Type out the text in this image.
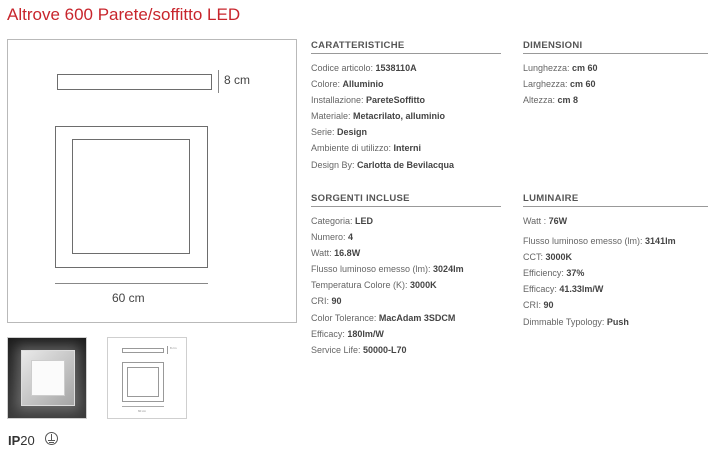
Altrove 600 Parete/soffitto LED
8 cm
60 cm
8 cm
60 cm
IP20
CARATTERISTICHE
Codice articolo: 1538110A
Colore: Alluminio
Installazione: PareteSoffitto
Materiale: Metacrilato, alluminio
Serie: Design
Ambiente di utilizzo: Interni
Design By: Carlotta de Bevilacqua
DIMENSIONI
Lunghezza: cm 60
Larghezza: cm 60
Altezza: cm 8
SORGENTI INCLUSE
Categoria: LED
Numero: 4
Watt: 16.8W
Flusso luminoso emesso (lm): 3024lm
Temperatura Colore (K): 3000K
CRI: 90
Color Tolerance: MacAdam 3SDCM
Efficacy: 180lm/W
Service Life: 50000-L70
LUMINAIRE
Watt : 76W
Flusso luminoso emesso (lm): 3141lm
CCT: 3000K
Efficiency: 37%
Efficacy: 41.33lm/W
CRI: 90
Dimmable Typology: Push
